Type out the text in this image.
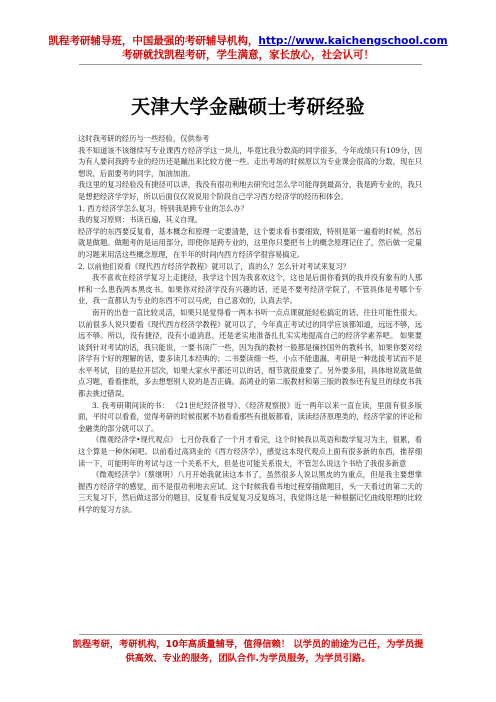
凯程考研辅导班，中国最强的考研辅导机构，http://www.kaichengschool.com
考研就找凯程考研，学生满意，家长放心，社会认可！
天津大学金融硕士考研经验

这时我考研的经历与一些经验，仅供参考

我不知道该不该继续写专业课西方经济学这一块儿，毕竟比我分数高的同学很多，今年成绩只有109分，因为有人要问我跨专业的经历还是蹦出来比较方便一些。走出考场的时候原以为专业课会很高的分数，现在只想说，后面要考的同学，加油加油。

我这里的复习经验没有捷径可以讲，我没有很功利地去研究过怎么学可能得到最高分，我是跨专业的，我只是想把经济学学好，所以后面仅仅说说用个阶段自己学习西方经济学的经历和体会。

1. 西方经济学怎么复习，特别我是跨专业的怎么办？

我的复习原则：书读百遍，其义自现。

经济学的东西要反复看，基本概念和原理一定要清楚，这个要求看书要细致，特别是第一遍看的时候，然后就是做题。做题考的是运用部分，即使你是跨专业的，这里你只要把书上的概念原理记住了，然后做一定量的习题来用活这些概念原理，在半年的时间内西方经济学很容易搞定。

2. 以前他们说看《现代西方经济学教程》就可以了，真的么？怎么针对考试来复习？

我不喜欢在经济学复习上走捷径，我学这个因为我喜欢这个，这也是后面你看到的我并没有象有的人那样和一么患我两本黑皮书。如果你对经济学没有兴趣的话，还是不要考经济学院了，不管具体是考哪个专业，我一直都认为专业的东西不可以马虎，自己喜欢的，认真去学。

南开的出卷一直比较灵活，如果只是觉得看一两本书听一点点课就能轻松搞定的话，往往可能性很大。以前很多人说只要看《现代西方经济学教程》就可以了，今年真正考试过的同学应该都知道，远远不够，远远不够。所以，没有捷径，没有小道消息，还是老实地准备扎扎实实地提高自己的经济学素养吧。 如果要谈到针对考试的话，我只能说，一要书读广一些，因为我的教材一般都是摘抄国外的教科书，如果你要对经济学有个好的理解的话，要多读几本经典的；二书要读细一些，小点不能遗漏，考研是一种选拔考试而不是水平考试，目的是拉开层次，如果大家水平都还可以的话，细节就很重要了。另外要多用，具体地说就是做点习题，看看推纸，多去想想别人说的是否正确。高鸿业的第二版教材和第三版的教参还有复旦的绿皮书我都去挑过错误。

3. 我考研期间读的书： 《21世纪经济报导》、《经济观察报》近一两年以来一直在读，里面有很多版面，平时可以看看，觉得考研的时候很累不妨看看那些有报版都看，读读经济原理类的，经济学家的评论和金融类的部分就可以了。

《微观经济学•现代观点》 七月份我看了一个月才看完，这个时候我以英语和数学复习为主，很累，看这个算是一种休闲吧。以前看过高鸿业的《西方经济学》，感觉这本现代观点上面有很多新的东西，推荐细读一下，可能明年的考试与这一个关系不大，但是也可能关系很大，不管怎么说这个书给了我很多新意

《微观经济学》（蔡继明）八月开始我就读这本书了，虽然很多人说以黑皮的为重点，但是我主要想掌握西方经济学的感觉，而不是很功利地去应试。这个时候我看书地过程穿插做题目，头一天看过的第二天的三天复习下，然后做这部分的题目，反复看书反复复习反复练习，我觉得这是一种根据记忆曲线原理的比较科学的复习方法。

凯程考研，考研机构，10年高质量辅导，值得信赖！ 以学员的前途为己任，为学员提供高效、专业的服务，团队合作.为学员服务，为学员引路。
